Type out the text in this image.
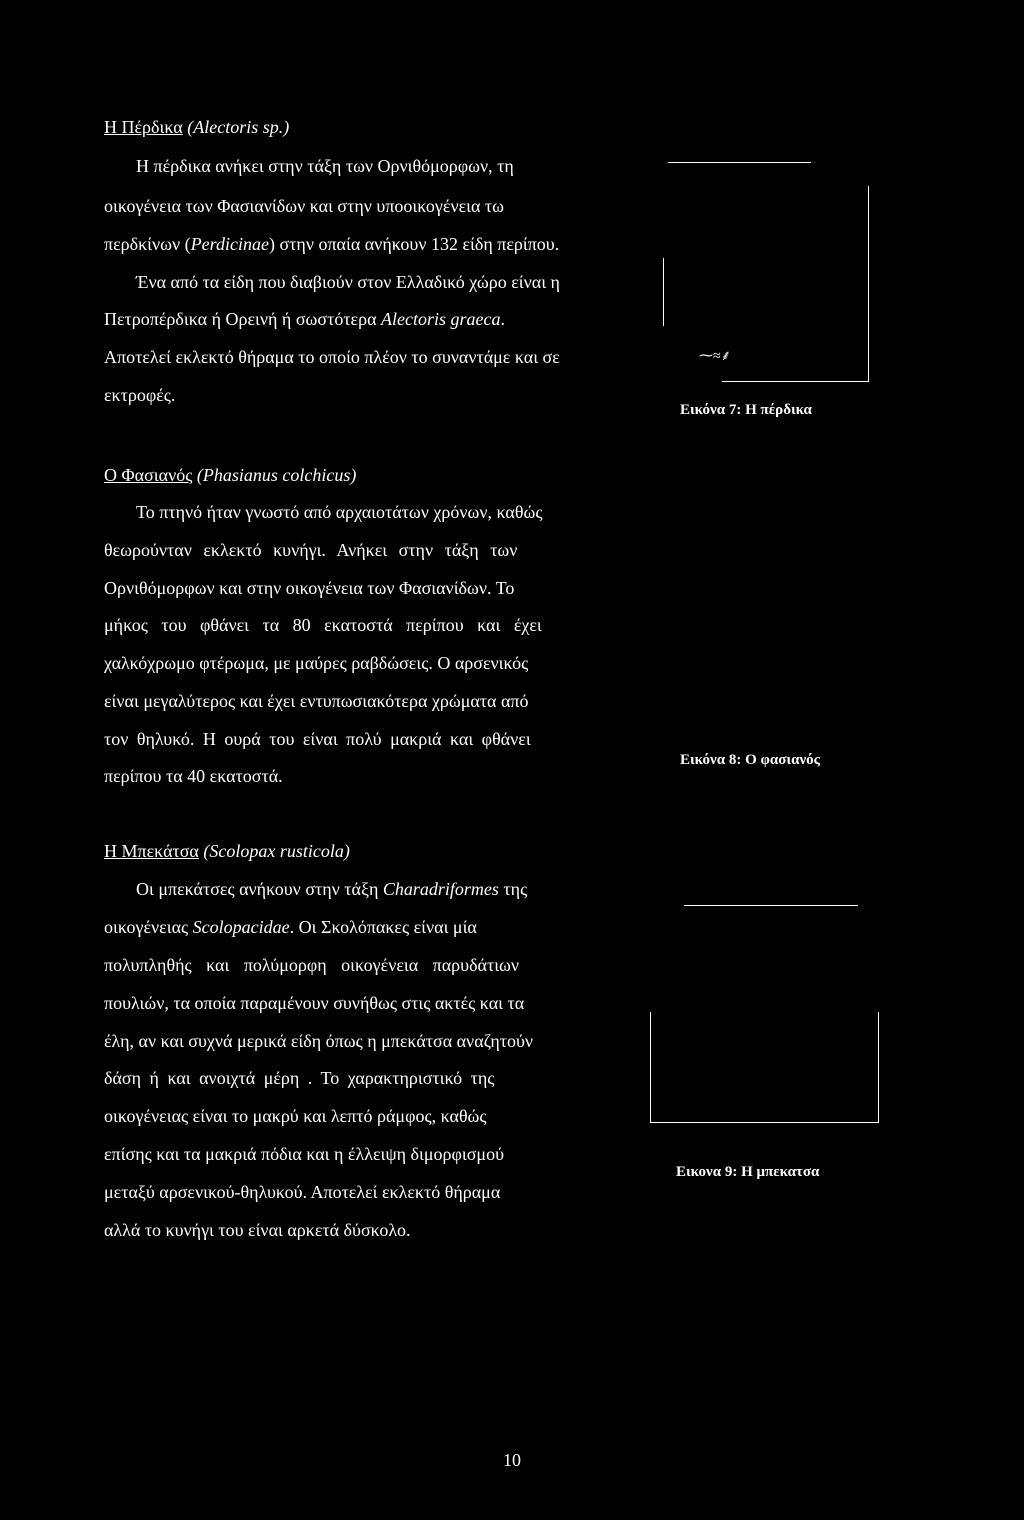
Η Πέρδικα (Alectoris sp.)
Η πέρδικα ανήκει στην τάξη των Ορνιθόμορφων, τη
οικογένεια των Φασιανίδων και στην υποοικογένεια τω
περδκίνων (Perdicinae) στην οπαία ανήκουν 132 είδη περίπου.
Ένα από τα είδη που διαβιούν στον Ελλαδικό χώρο είναι η
Πετροπέρδικα ή Ορεινή ή σωστότερα Alectoris graeca.
Αποτελεί εκλεκτό θήραμα το οποίο πλέον το συναντάμε και σε
εκτροφές.
⁓≈⸙
Εικόνα 7: Η πέρδικα
Ο Φασιανός (Phasianus colchicus)
Το πτηνό ήταν γνωστό από αρχαιοτάτων χρόνων, καθώς
θεωρούνταν εκλεκτό κυνήγι. Ανήκει στην τάξη των
Ορνιθόμορφων και στην οικογένεια των Φασιανίδων. Το
μήκος του φθάνει τα 80 εκατοστά περίπου και έχει
χαλκόχρωμο φτέρωμα, με μαύρες ραβδώσεις. Ο αρσενικός
είναι μεγαλύτερος και έχει εντυπωσιακότερα χρώματα από
τον θηλυκό. Η ουρά του είναι πολύ μακριά και φθάνει
περίπου τα 40 εκατοστά.
Εικόνα 8: Ο φασιανός
Η Μπεκάτσα (Scolopax rusticola)
Οι μπεκάτσες ανήκουν στην τάξη Charadriformes της
οικογένειας Scolopacidae. Οι Σκολόπακες είναι μία
πολυπληθής και πολύμορφη οικογένεια παρυδάτιων
πουλιών, τα οποία παραμένουν συνήθως στις ακτές και τα
έλη, αν και συχνά μερικά είδη όπως η μπεκάτσα αναζητούν
δάση ή και ανοιχτά μέρη . Το χαρακτηριστικό της
οικογένειας είναι το μακρύ και λεπτό ράμφος, καθώς
επίσης και τα μακριά πόδια και η έλλειψη διμορφισμού
μεταξύ αρσενικού-θηλυκού. Αποτελεί εκλεκτό θήραμα
αλλά το κυνήγι του είναι αρκετά δύσκολο.
Εικονα 9: Η μπεκατσα
10
